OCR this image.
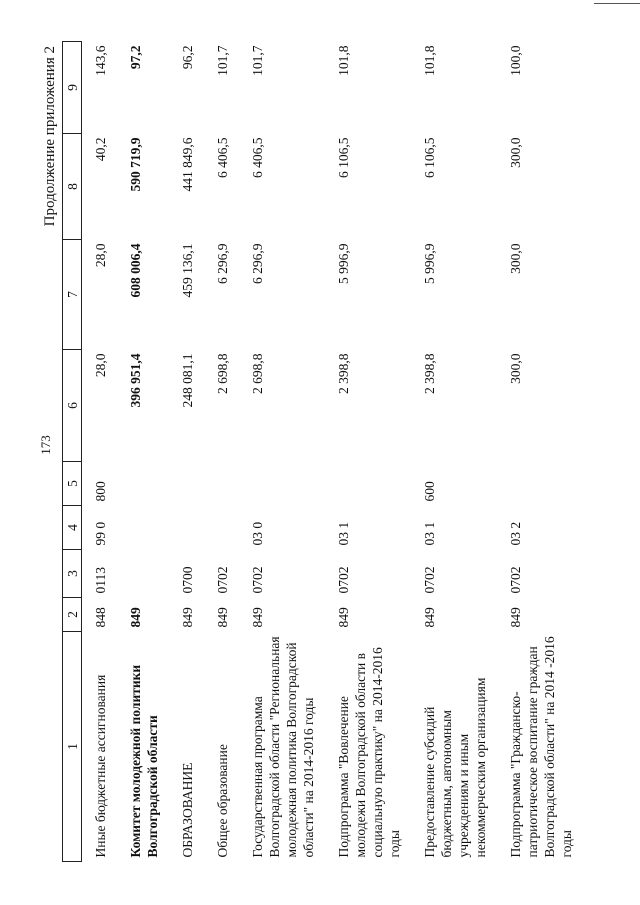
173
Продолжение приложения 2
1	2	3	4	5	6	7	8	9
Иные бюджетные ассигнования	848	0113	99 0	800	28,0	28,0	40,2	143,6
Комитет молодежной политики Волгоградской области	849				396 951,4	608 006,4	590 719,9	97,2
ОБРАЗОВАНИЕ	849	0700			248 081,1	459 136,1	441 849,6	96,2
Общее образование	849	0702			2 698,8	6 296,9	6 406,5	101,7
Государственная программа Волгоградской области "Региональная молодежная политика Волгоградской области" на 2014-2016 годы	849	0702	03 0		2 698,8	6 296,9	6 406,5	101,7
Подпрограмма "Вовлечение молодежи Волгоградской области в социальную практику" на 2014-2016 годы	849	0702	03 1		2 398,8	5 996,9	6 106,5	101,8
Предоставление субсидий бюджетным, автономным учреждениям и иным некоммерческим организациям	849	0702	03 1	600	2 398,8	5 996,9	6 106,5	101,8
Подпрограмма "Гражданско-патриотическое воспитание граждан Волгоградской области" на 2014 -2016 годы	849	0702	03 2		300,0	300,0	300,0	100,0
